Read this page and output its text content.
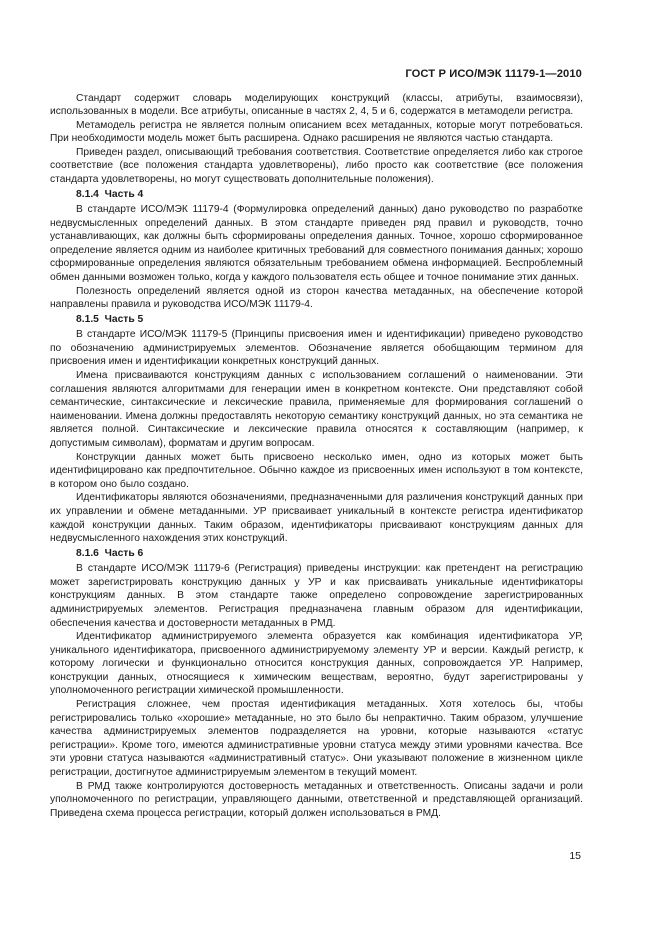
ГОСТ Р ИСО/МЭК 11179-1—2010

Стандарт содержит словарь моделирующих конструкций (классы, атрибуты, взаимосвязи), использованных в модели. Все атрибуты, описанные в частях 2, 4, 5 и 6, содержатся в метамодели регистра.

Метамодель регистра не является полным описанием всех метаданных, которые могут потребоваться. При необходимости модель может быть расширена. Однако расширения не являются частью стандарта.

Приведен раздел, описывающий требования соответствия. Соответствие определяется либо как строгое соответствие (все положения стандарта удовлетворены), либо просто как соответствие (все положения стандарта удовлетворены, но могут существовать дополнительные положения).

8.1.4  Часть 4

В стандарте ИСО/МЭК 11179-4 (Формулировка определений данных) дано руководство по разработке недвусмысленных определений данных. В этом стандарте приведен ряд правил и руководств, точно устанавливающих, как должны быть сформированы определения данных. Точное, хорошо сформированное определение является одним из наиболее критичных требований для совместного понимания данных; хорошо сформированные определения являются обязательным требованием обмена информацией. Беспроблемный обмен данными возможен только, когда у каждого пользователя есть общее и точное понимание этих данных.

Полезность определений является одной из сторон качества метаданных, на обеспечение которой направлены правила и руководства ИСО/МЭК 11179-4.

8.1.5  Часть 5

В стандарте ИСО/МЭК 11179-5 (Принципы присвоения имен и идентификации) приведено руководство по обозначению администрируемых элементов. Обозначение является обобщающим термином для присвоения имен и идентификации конкретных конструкций данных.

Имена присваиваются конструкциям данных с использованием соглашений о наименовании. Эти соглашения являются алгоритмами для генерации имен в конкретном контексте. Они представляют собой семантические, синтаксические и лексические правила, применяемые для формирования соглашений о наименовании. Имена должны предоставлять некоторую семантику конструкций данных, но эта семантика не является полной. Синтаксические и лексические правила относятся к составляющим (например, к допустимым символам), форматам и другим вопросам.

Конструкции данных может быть присвоено несколько имен, одно из которых может быть идентифицировано как предпочтительное. Обычно каждое из присвоенных имен используют в том контексте, в котором оно было создано.

Идентификаторы являются обозначениями, предназначенными для различения конструкций данных при их управлении и обмене метаданными. УР присваивает уникальный в контексте регистра идентификатор каждой конструкции данных. Таким образом, идентификаторы присваивают конструкциям данных для недвусмысленного нахождения этих конструкций.

8.1.6  Часть 6

В стандарте ИСО/МЭК 11179-6 (Регистрация) приведены инструкции: как претендент на регистрацию может зарегистрировать конструкцию данных у УР и как присваивать уникальные идентификаторы конструкциям данных. В этом стандарте также определено сопровождение зарегистрированных администрируемых элементов. Регистрация предназначена главным образом для идентификации, обеспечения качества и достоверности метаданных в РМД.

Идентификатор администрируемого элемента образуется как комбинация идентификатора УР, уникального идентификатора, присвоенного администрируемому элементу УР и версии. Каждый регистр, к которому логически и функционально относится конструкция данных, сопровождается УР. Например, конструкции данных, относящиеся к химическим веществам, вероятно, будут зарегистрированы у уполномоченного регистрации химической промышленности.

Регистрация сложнее, чем простая идентификация метаданных. Хотя хотелось бы, чтобы регистрировались только «хорошие» метаданные, но это было бы непрактично. Таким образом, улучшение качества администрируемых элементов подразделяется на уровни, которые называются «статус регистрации». Кроме того, имеются административные уровни статуса между этими уровнями качества. Все эти уровни статуса называются «административный статус». Они указывают положение в жизненном цикле регистрации, достигнутое администрируемым элементом в текущий момент.

В РМД также контролируются достоверность метаданных и ответственность. Описаны задачи и роли уполномоченного по регистрации, управляющего данными, ответственной и представляющей организаций. Приведена схема процесса регистрации, который должен использоваться в РМД.

15
